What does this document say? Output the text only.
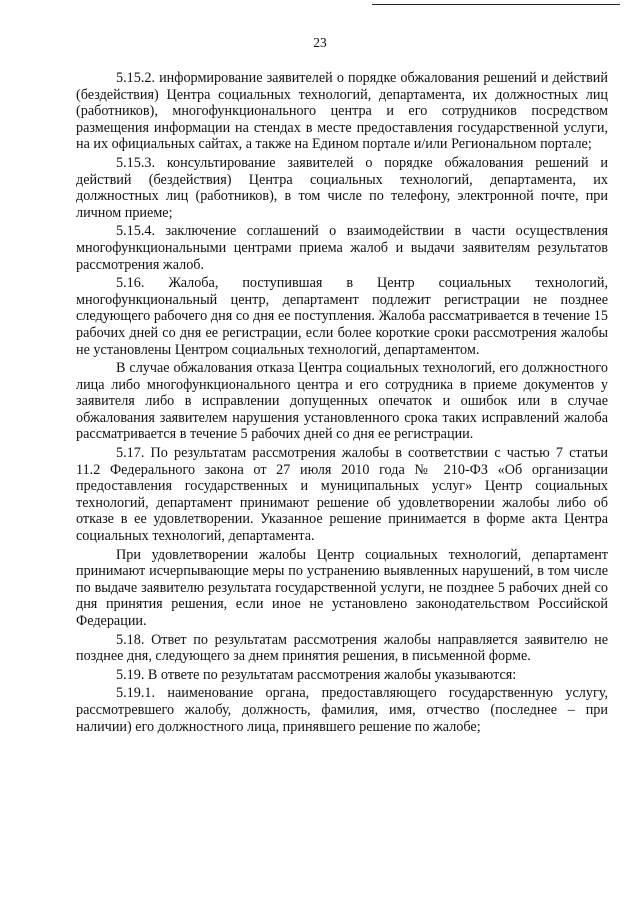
23

5.15.2. информирование заявителей о порядке обжалования решений и действий (бездействия) Центра социальных технологий, департамента, их должностных лиц (работников), многофункционального центра и его сотрудников посредством размещения информации на стендах в месте предоставления государственной услуги, на их официальных сайтах, а также на Едином портале и/или Региональном портале;

5.15.3. консультирование заявителей о порядке обжалования решений и действий (бездействия) Центра социальных технологий, департамента, их должностных лиц (работников), в том числе по телефону, электронной почте, при личном приеме;

5.15.4. заключение соглашений о взаимодействии в части осуществления многофункциональными центрами приема жалоб и выдачи заявителям результатов рассмотрения жалоб.

5.16. Жалоба, поступившая в Центр социальных технологий, многофункциональный центр, департамент подлежит регистрации не позднее следующего рабочего дня со дня ее поступления. Жалоба рассматривается в течение 15 рабочих дней со дня ее регистрации, если более короткие сроки рассмотрения жалобы не установлены Центром социальных технологий, департаментом.

В случае обжалования отказа Центра социальных технологий, его должностного лица либо многофункционального центра и его сотрудника в приеме документов у заявителя либо в исправлении допущенных опечаток и ошибок или в случае обжалования заявителем нарушения установленного срока таких исправлений жалоба рассматривается в течение 5 рабочих дней со дня ее регистрации.

5.17. По результатам рассмотрения жалобы в соответствии с частью 7 статьи 11.2 Федерального закона от 27 июля 2010 года № 210-ФЗ «Об организации предоставления государственных и муниципальных услуг» Центр социальных технологий, департамент принимают решение об удовлетворении жалобы либо об отказе в ее удовлетворении. Указанное решение принимается в форме акта Центра социальных технологий, департамента.

При удовлетворении жалобы Центр социальных технологий, департамент принимают исчерпывающие меры по устранению выявленных нарушений, в том числе по выдаче заявителю результата государственной услуги, не позднее 5 рабочих дней со дня принятия решения, если иное не установлено законодательством Российской Федерации.

5.18. Ответ по результатам рассмотрения жалобы направляется заявителю не позднее дня, следующего за днем принятия решения, в письменной форме.

5.19. В ответе по результатам рассмотрения жалобы указываются:

5.19.1. наименование органа, предоставляющего государственную услугу, рассмотревшего жалобу, должность, фамилия, имя, отчество (последнее – при наличии) его должностного лица, принявшего решение по жалобе;
